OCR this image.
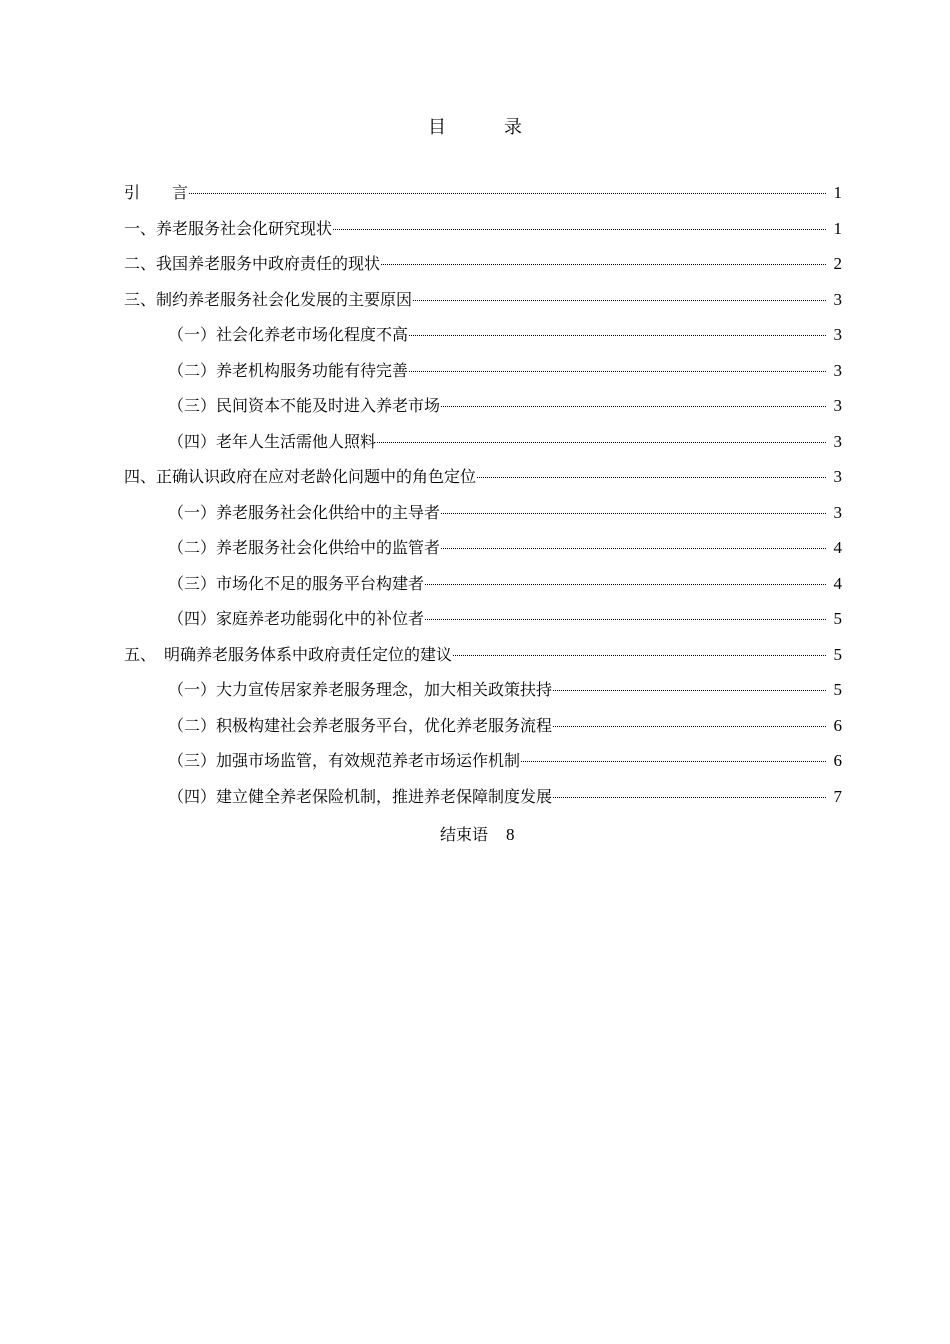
目	录
引　　言	1
一、养老服务社会化研究现状	1
二、我国养老服务中政府责任的现状	2
三、制约养老服务社会化发展的主要原因	3
（一）社会化养老市场化程度不高	3
（二）养老机构服务功能有待完善	3
（三）民间资本不能及时进入养老市场	3
（四）老年人生活需他人照料	3
四、正确认识政府在应对老龄化问题中的角色定位	3
（一）养老服务社会化供给中的主导者	3
（二）养老服务社会化供给中的监管者	4
（三）市场化不足的服务平台构建者	4
（四）家庭养老功能弱化中的补位者	5
五、　明确养老服务体系中政府责任定位的建议	5
（一）大力宣传居家养老服务理念，加大相关政策扶持	5
（二）积极构建社会养老服务平台，优化养老服务流程	6
（三）加强市场监管，有效规范养老市场运作机制	6
（四）建立健全养老保险机制，推进养老保障制度发展	7
结束语 8
